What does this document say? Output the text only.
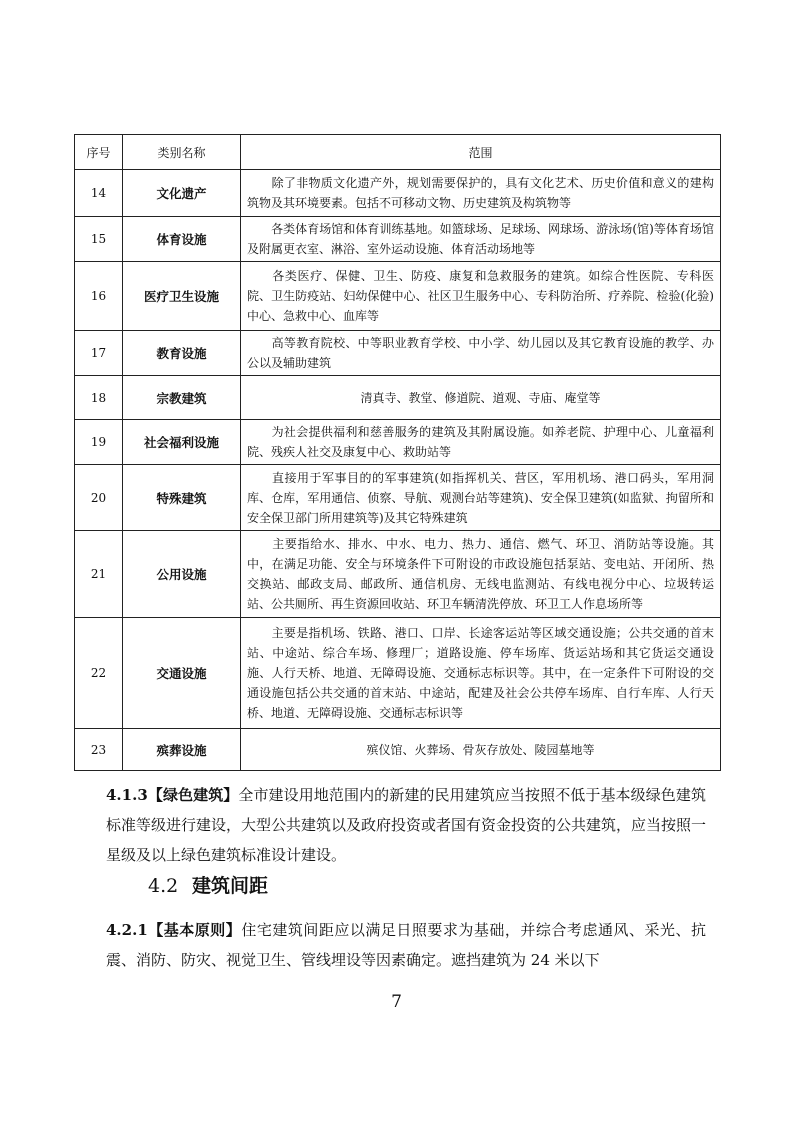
序号	类别名称	范围
14	文化遗产	　　除了非物质文化遗产外，规划需要保护的，具有文化艺术、历史价值和意义的建构筑物及其环境要素。包括不可移动文物、历史建筑及构筑物等
15	体育设施	　　各类体育场馆和体育训练基地。如篮球场、足球场、网球场、游泳场(馆)等体育场馆及附属更衣室、淋浴、室外运动设施、体育活动场地等
16	医疗卫生设施	　　各类医疗、保健、卫生、防疫、康复和急救服务的建筑。如综合性医院、专科医院、卫生防疫站、妇幼保健中心、社区卫生服务中心、专科防治所、疗养院、检验(化验)中心、急救中心、血库等
17	教育设施	　　高等教育院校、中等职业教育学校、中小学、幼儿园以及其它教育设施的教学、办公以及辅助建筑
18	宗教建筑	清真寺、教堂、修道院、道观、寺庙、庵堂等
19	社会福利设施	　　为社会提供福利和慈善服务的建筑及其附属设施。如养老院、护理中心、儿童福利院、残疾人社交及康复中心、救助站等
20	特殊建筑	　　直接用于军事目的的军事建筑(如指挥机关、营区，军用机场、港口码头，军用洞库、仓库，军用通信、侦察、导航、观测台站等建筑)、安全保卫建筑(如监狱、拘留所和安全保卫部门所用建筑等)及其它特殊建筑
21	公用设施	　　主要指给水、排水、中水、电力、热力、通信、燃气、环卫、消防站等设施。其中，在满足功能、安全与环境条件下可附设的市政设施包括泵站、变电站、开闭所、热交换站、邮政支局、邮政所、通信机房、无线电监测站、有线电视分中心、垃圾转运站、公共厕所、再生资源回收站、环卫车辆清洗停放、环卫工人作息场所等
22	交通设施	　　主要是指机场、铁路、港口、口岸、长途客运站等区域交通设施；公共交通的首末站、中途站、综合车场、修理厂；道路设施、停车场库、货运站场和其它货运交通设施、人行天桥、地道、无障碍设施、交通标志标识等。其中，在一定条件下可附设的交通设施包括公共交通的首末站、中途站，配建及社会公共停车场库、自行车库、人行天桥、地道、无障碍设施、交通标志标识等
23	殡葬设施	殡仪馆、火葬场、骨灰存放处、陵园墓地等
4.1.3【绿色建筑】全市建设用地范围内的新建的民用建筑应当按照不低于基本级绿色建筑标准等级进行建设，大型公共建筑以及政府投资或者国有资金投资的公共建筑，应当按照一星级及以上绿色建筑标准设计建设。
4.2 建筑间距
4.2.1【基本原则】住宅建筑间距应以满足日照要求为基础，并综合考虑通风、采光、抗震、消防、防灾、视觉卫生、管线埋设等因素确定。遮挡建筑为 24 米以下
7
